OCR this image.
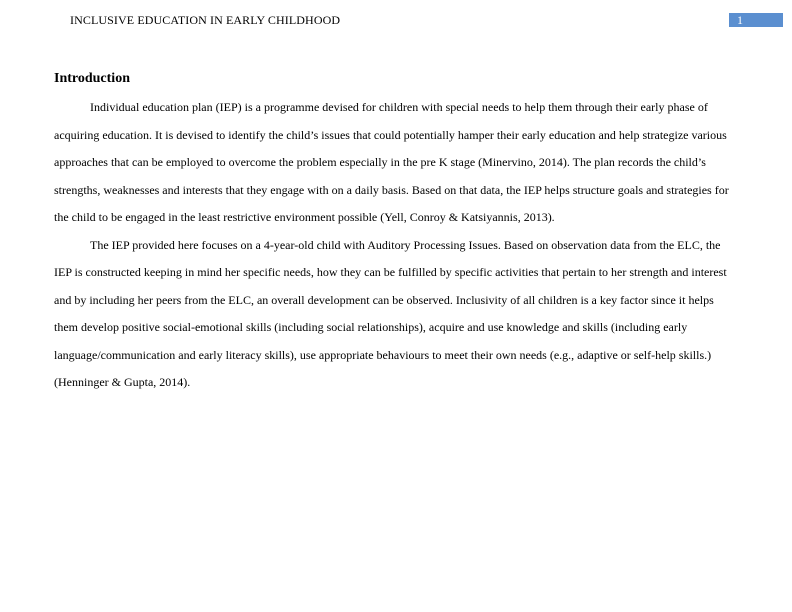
INCLUSIVE EDUCATION IN EARLY CHILDHOOD	1
Introduction

Individual education plan (IEP) is a programme devised for children with special needs to help them through their early phase of acquiring education. It is devised to identify the child’s issues that could potentially hamper their early education and help strategize various approaches that can be employed to overcome the problem especially in the pre K stage (Minervino, 2014). The plan records the child’s strengths, weaknesses and interests that they engage with on a daily basis. Based on that data, the IEP helps structure goals and strategies for the child to be engaged in the least restrictive environment possible (Yell, Conroy & Katsiyannis, 2013).

The IEP provided here focuses on a 4-year-old child with Auditory Processing Issues. Based on observation data from the ELC, the IEP is constructed keeping in mind her specific needs, how they can be fulfilled by specific activities that pertain to her strength and interest and by including her peers from the ELC, an overall development can be observed. Inclusivity of all children is a key factor since it helps them develop positive social-emotional skills (including social relationships), acquire and use knowledge and skills (including early language/communication and early literacy skills), use appropriate behaviours to meet their own needs (e.g., adaptive or self-help skills.) (Henninger & Gupta, 2014).
